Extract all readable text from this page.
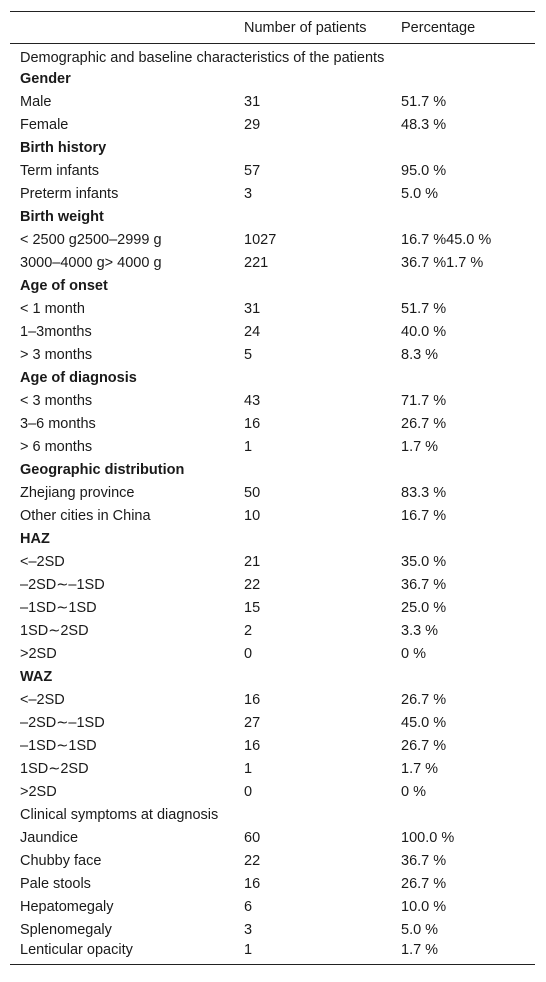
	Number of patients	Percentage
Demographic and baseline characteristics of the patients		
Gender		
Male	31	51.7 %
Female	29	48.3 %
Birth history		
Term infants	57	95.0 %
Preterm infants	3	5.0 %
Birth weight		
< 2500 g2500–2999 g	1027	16.7 %45.0 %
3000–4000 g> 4000 g	221	36.7 %1.7 %
Age of onset		
< 1 month	31	51.7 %
1–3months	24	40.0 %
> 3 months	5	8.3 %
Age of diagnosis		
< 3 months	43	71.7 %
3–6 months	16	26.7 %
> 6 months	1	1.7 %
Geographic distribution		
Zhejiang province	50	83.3 %
Other cities in China	10	16.7 %
HAZ		
<–2SD	21	35.0 %
–2SD∼–1SD	22	36.7 %
–1SD∼1SD	15	25.0 %
1SD∼2SD	2	3.3 %
>2SD	0	0 %
WAZ		
<–2SD	16	26.7 %
–2SD∼–1SD	27	45.0 %
–1SD∼1SD	16	26.7 %
1SD∼2SD	1	1.7 %
>2SD	0	0 %
Clinical symptoms at diagnosis		
Jaundice	60	100.0 %
Chubby face	22	36.7 %
Pale stools	16	26.7 %
Hepatomegaly	6	10.0 %
Splenomegaly	3	5.0 %
Lenticular opacity	1	1.7 %
